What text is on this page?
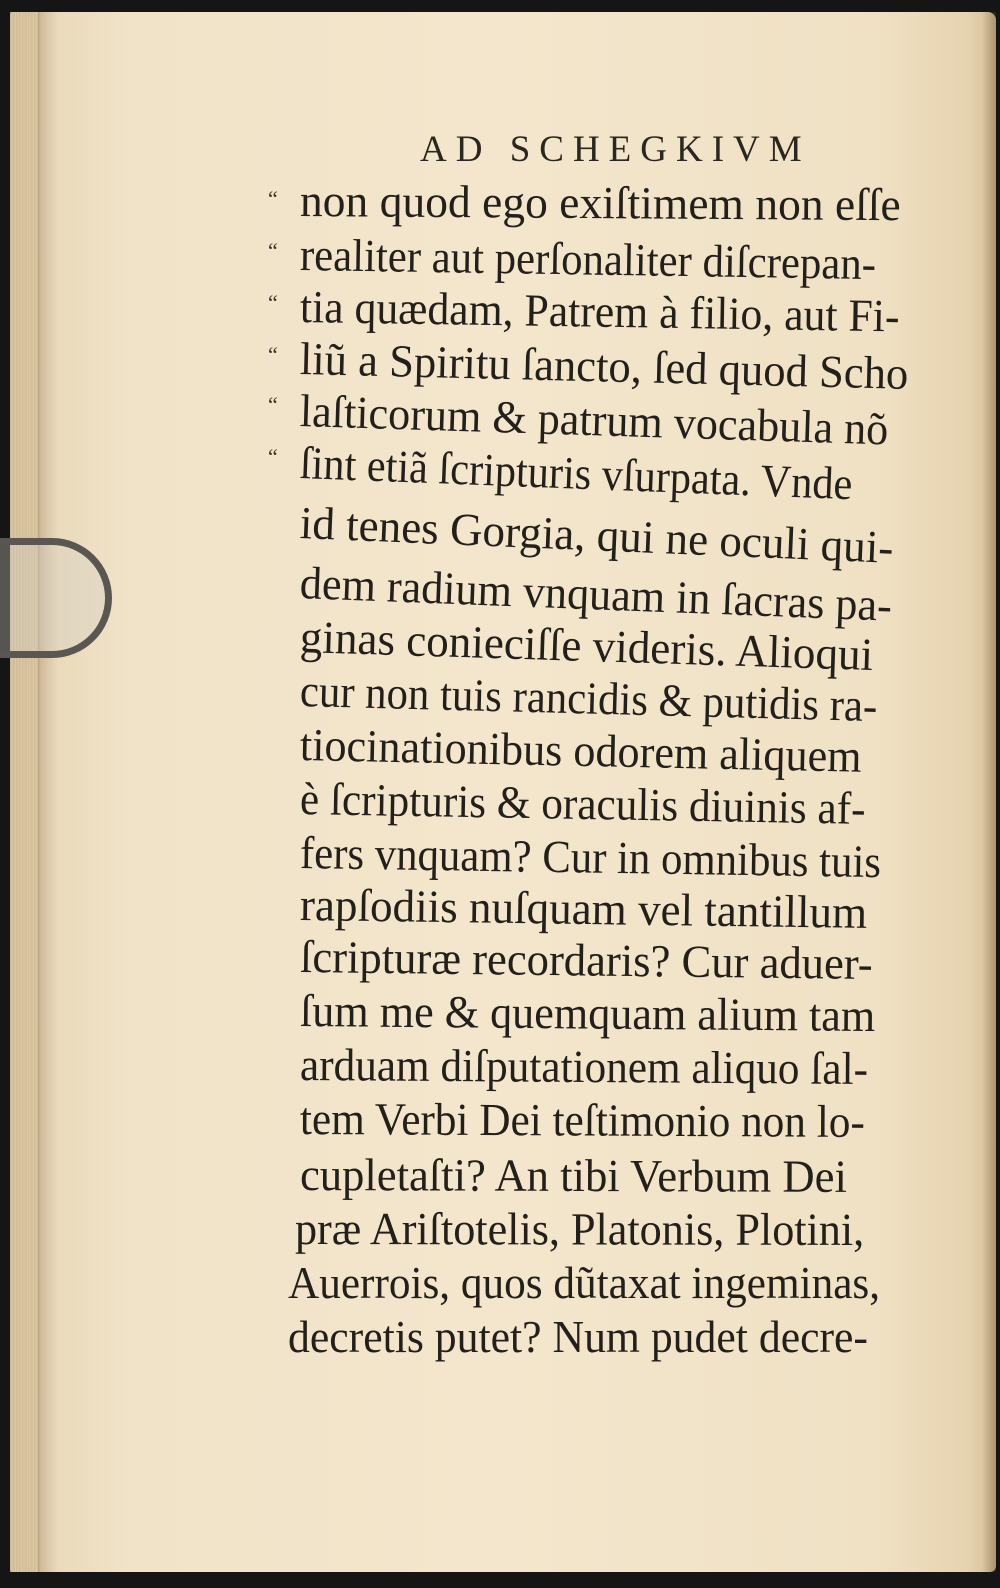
AD SCHEGKIVM
“
“
“
“
“
“
non quod ego exiſtimem non eſſe
realiter aut perſonaliter diſcrepan-
tia quædam, Patrem à filio, aut Fi-
liũ a Spiritu ſancto, ſed quod Scho
laſticorum & patrum vocabula nõ
ſint etiã ſcripturis vſurpata. Vnde
id tenes Gorgia, qui ne oculi qui-
dem radium vnquam in ſacras pa-
ginas conieciſſe videris. Alioqui
cur non tuis rancidis & putidis ra-
tiocinationibus odorem aliquem
è ſcripturis & oraculis diuinis af-
fers vnquam? Cur in omnibus tuis
rapſodiis nuſquam vel tantillum
ſcripturæ recordaris? Cur aduer-
ſum me & quemquam alium tam
arduam diſputationem aliquo ſal-
tem Verbi Dei teſtimonio non lo-
cupletaſti? An tibi Verbum Dei
præ Ariſtotelis, Platonis, Plotini,
Auerrois, quos dũtaxat ingeminas,
decretis putet? Num pudet decre-
